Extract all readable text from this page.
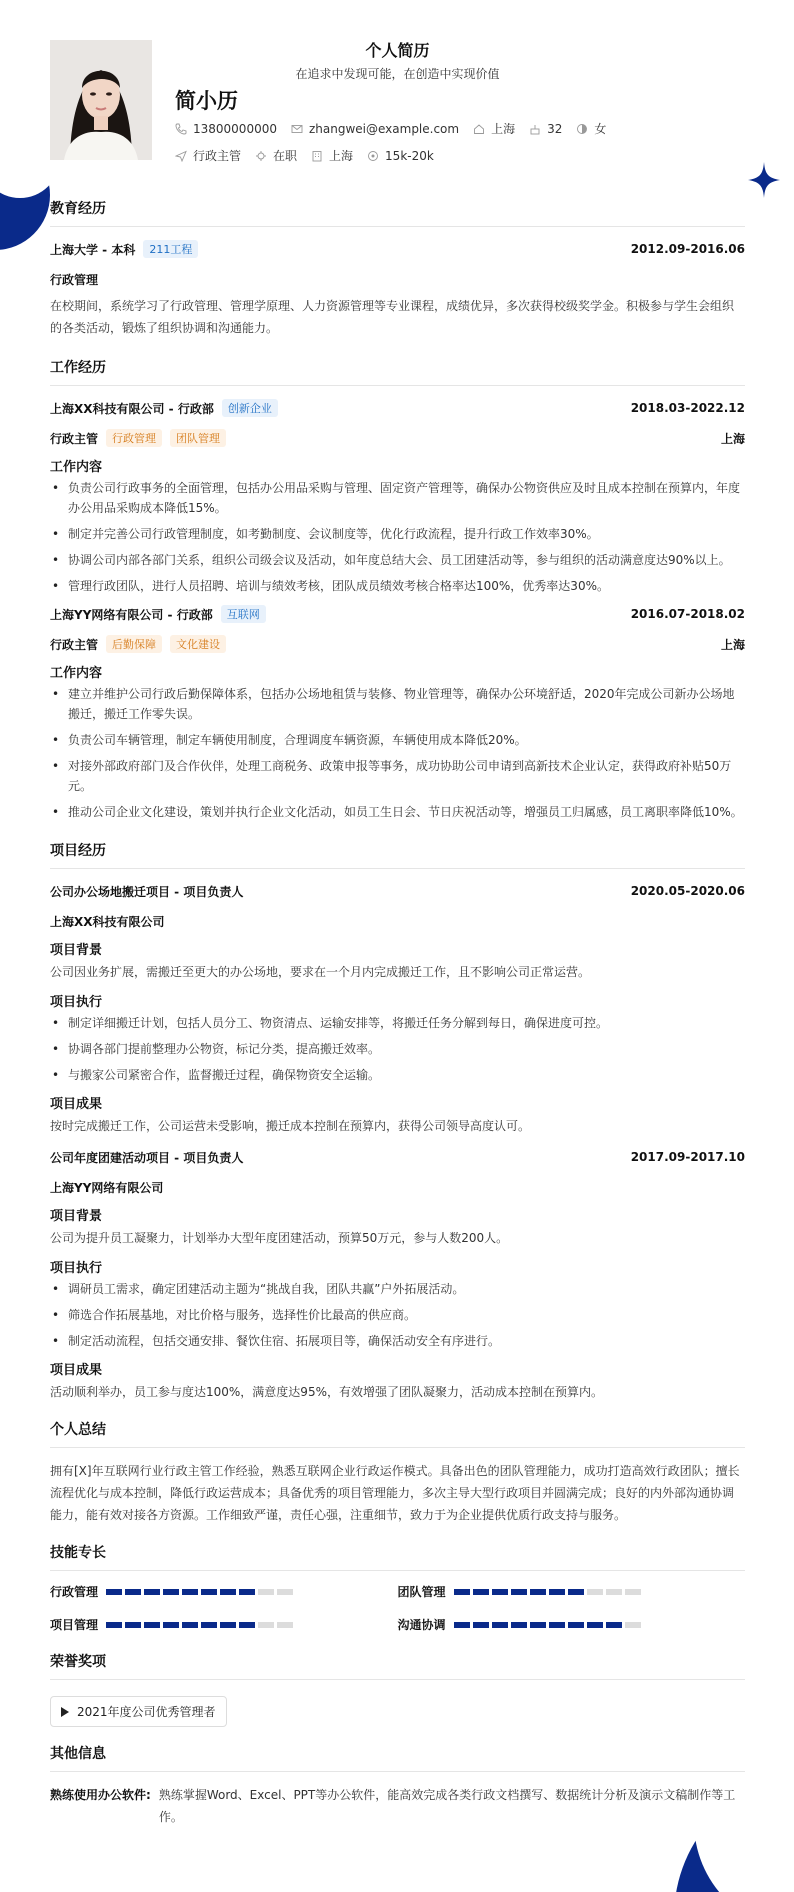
个人简历
在追求中发现可能，在创造中实现价值
简小历
13800000000	zhangwei@example.com	上海	32	女
行政主管	在职	上海	15k-20k
教育经历
上海大学 - 本科	211工程	2012.09-2016.06
行政管理
在校期间，系统学习了行政管理、管理学原理、人力资源管理等专业课程，成绩优异，多次获得校级奖学金。积极参与学生会组织的各类活动，锻炼了组织协调和沟通能力。
工作经历
上海XX科技有限公司 - 行政部	创新企业	2018.03-2022.12
行政主管	行政管理	团队管理	上海
工作内容
• 负责公司行政事务的全面管理，包括办公用品采购与管理、固定资产管理等，确保办公物资供应及时且成本控制在预算内，年度办公用品采购成本降低15%。
• 制定并完善公司行政管理制度，如考勤制度、会议制度等，优化行政流程，提升行政工作效率30%。
• 协调公司内部各部门关系，组织公司级会议及活动，如年度总结大会、员工团建活动等，参与组织的活动满意度达90%以上。
• 管理行政团队，进行人员招聘、培训与绩效考核，团队成员绩效考核合格率达100%，优秀率达30%。
上海YY网络有限公司 - 行政部	互联网	2016.07-2018.02
行政主管	后勤保障	文化建设	上海
工作内容
• 建立并维护公司行政后勤保障体系，包括办公场地租赁与装修、物业管理等，确保办公环境舒适，2020年完成公司新办公场地搬迁，搬迁工作零失误。
• 负责公司车辆管理，制定车辆使用制度，合理调度车辆资源，车辆使用成本降低20%。
• 对接外部政府部门及合作伙伴，处理工商税务、政策申报等事务，成功协助公司申请到高新技术企业认定，获得政府补贴50万元。
• 推动公司企业文化建设，策划并执行企业文化活动，如员工生日会、节日庆祝活动等，增强员工归属感，员工离职率降低10%。
项目经历
公司办公场地搬迁项目 - 项目负责人	2020.05-2020.06
上海XX科技有限公司
项目背景
公司因业务扩展，需搬迁至更大的办公场地，要求在一个月内完成搬迁工作，且不影响公司正常运营。
项目执行
• 制定详细搬迁计划，包括人员分工、物资清点、运输安排等，将搬迁任务分解到每日，确保进度可控。
• 协调各部门提前整理办公物资，标记分类，提高搬迁效率。
• 与搬家公司紧密合作，监督搬迁过程，确保物资安全运输。
项目成果
按时完成搬迁工作，公司运营未受影响，搬迁成本控制在预算内，获得公司领导高度认可。
公司年度团建活动项目 - 项目负责人	2017.09-2017.10
上海YY网络有限公司
项目背景
公司为提升员工凝聚力，计划举办大型年度团建活动，预算50万元，参与人数200人。
项目执行
• 调研员工需求，确定团建活动主题为“挑战自我，团队共赢”户外拓展活动。
• 筛选合作拓展基地，对比价格与服务，选择性价比最高的供应商。
• 制定活动流程，包括交通安排、餐饮住宿、拓展项目等，确保活动安全有序进行。
项目成果
活动顺利举办，员工参与度达100%，满意度达95%，有效增强了团队凝聚力，活动成本控制在预算内。
个人总结
拥有[X]年互联网行业行政主管工作经验，熟悉互联网企业行政运作模式。具备出色的团队管理能力，成功打造高效行政团队；擅长流程优化与成本控制，降低行政运营成本；具备优秀的项目管理能力，多次主导大型行政项目并圆满完成；良好的内外部沟通协调能力，能有效对接各方资源。工作细致严谨，责任心强，注重细节，致力于为企业提供优质行政支持与服务。
技能专长
行政管理	团队管理
项目管理	沟通协调
荣誉奖项
2021年度公司优秀管理者
其他信息
熟练使用办公软件: 熟练掌握Word、Excel、PPT等办公软件，能高效完成各类行政文档撰写、数据统计分析及演示文稿制作等工作。
